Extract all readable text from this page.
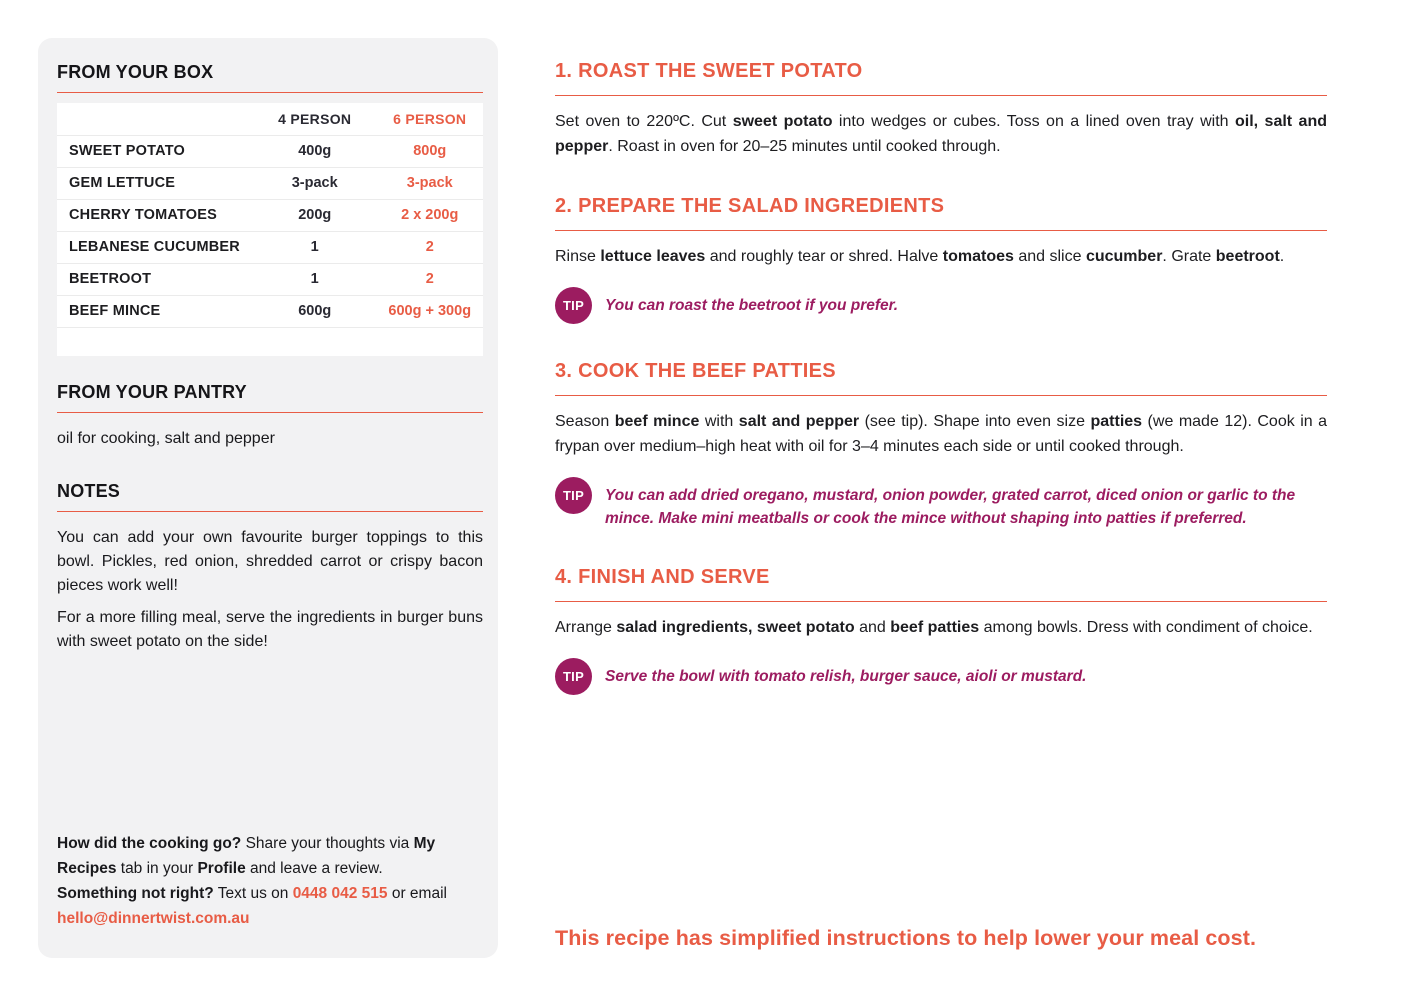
FROM YOUR BOX
	4 PERSON	6 PERSON
SWEET POTATO	400g	800g
GEM LETTUCE	3-pack	3-pack
CHERRY TOMATOES	200g	2 x 200g
LEBANESE CUCUMBER	1	2
BEETROOT	1	2
BEEF MINCE	600g	600g + 300g
FROM YOUR PANTRY

oil for cooking, salt and pepper

NOTES

You can add your own favourite burger toppings to this bowl. Pickles, red onion, shredded carrot or crispy bacon pieces work well!

For a more filling meal, serve the ingredients in burger buns with sweet potato on the side!

How did the cooking go? Share your thoughts via My Recipes tab in your Profile and leave a review.

Something not right? Text us on 0448 042 515 or email hello@dinnertwist.com.au

1. ROAST THE SWEET POTATO

Set oven to 220ºC. Cut sweet potato into wedges or cubes. Toss on a lined oven tray with oil, salt and pepper. Roast in oven for 20–25 minutes until cooked through.

2. PREPARE THE SALAD INGREDIENTS

Rinse lettuce leaves and roughly tear or shred. Halve tomatoes and slice cucumber. Grate beetroot.

TIP	You can roast the beetroot if you prefer.

3. COOK THE BEEF PATTIES

Season beef mince with salt and pepper (see tip). Shape into even size patties (we made 12). Cook in a frypan over medium–high heat with oil for 3–4 minutes each side or until cooked through.

TIP	You can add dried oregano, mustard, onion powder, grated carrot, diced onion or garlic to the mince. Make mini meatballs or cook the mince without shaping into patties if preferred.

4. FINISH AND SERVE

Arrange salad ingredients, sweet potato and beef patties among bowls. Dress with condiment of choice.

TIP	Serve the bowl with tomato relish, burger sauce, aioli or mustard.

This recipe has simplified instructions to help lower your meal cost.
